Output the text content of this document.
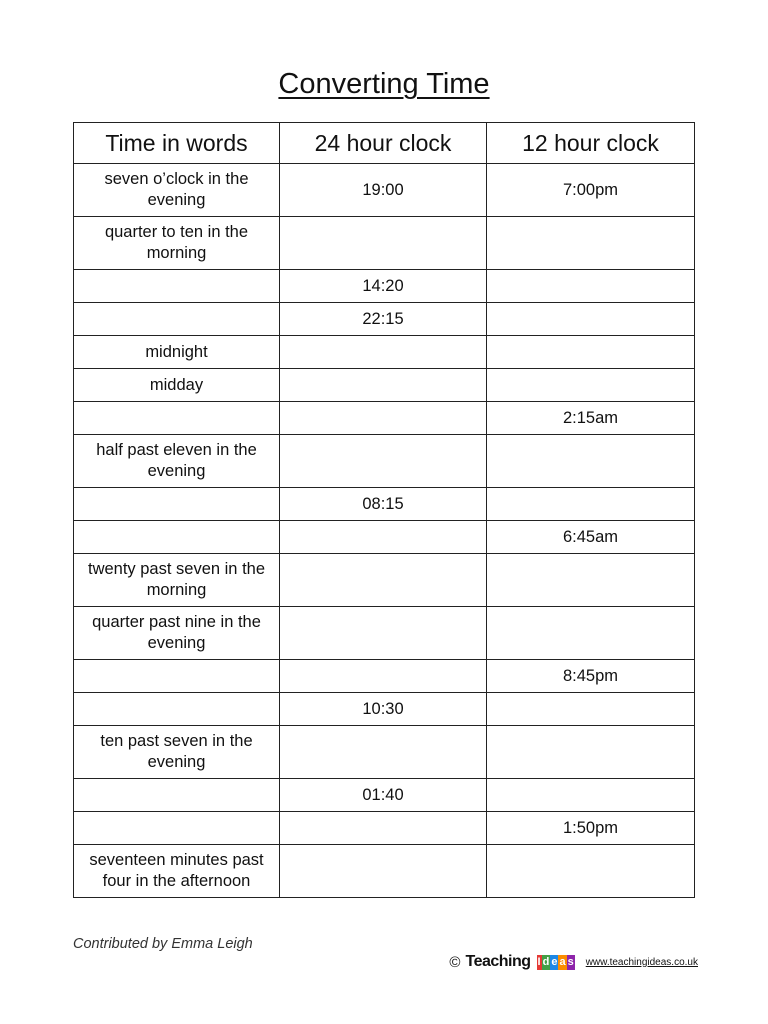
Converting Time
Time in words	24 hour clock	12 hour clock
seven o’clock in the evening	19:00	7:00pm
quarter to ten in the morning		
	14:20	
	22:15	
midnight		
midday		
		2:15am
half past eleven in the evening		
	08:15	
		6:45am
twenty past seven in the morning		
quarter past nine in the evening		
		8:45pm
	10:30	
ten past seven in the evening		
	01:40	
		1:50pm
seventeen minutes past four in the afternoon		
Contributed by Emma Leigh
© Teaching I d e a s www.teachingideas.co.uk
